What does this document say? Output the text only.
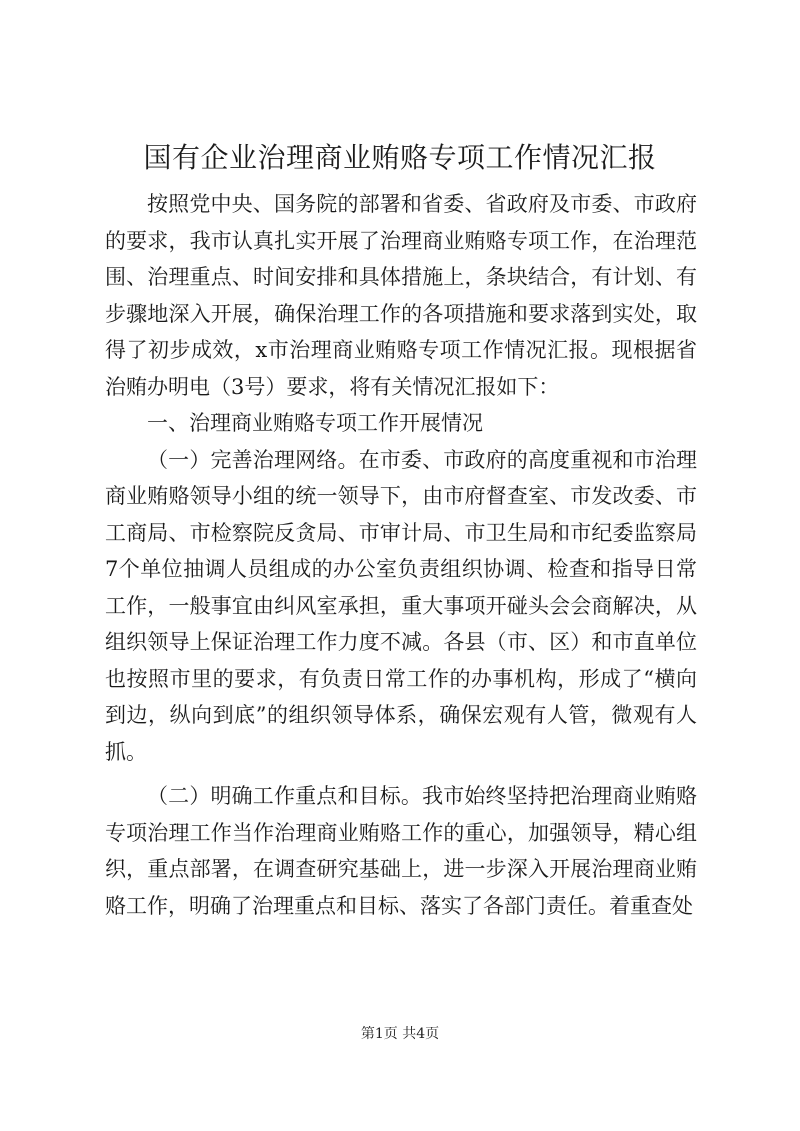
国有企业治理商业贿赂专项工作情况汇报

按照党中央、国务院的部署和省委、省政府及市委、市政府的要求，我市认真扎实开展了治理商业贿赂专项工作，在治理范围、治理重点、时间安排和具体措施上，条块结合，有计划、有步骤地深入开展，确保治理工作的各项措施和要求落到实处，取得了初步成效，x市治理商业贿赂专项工作情况汇报。现根据省治贿办明电（3号）要求，将有关情况汇报如下：

一、治理商业贿赂专项工作开展情况

（一）完善治理网络。在市委、市政府的高度重视和市治理商业贿赂领导小组的统一领导下，由市府督查室、市发改委、市工商局、市检察院反贪局、市审计局、市卫生局和市纪委监察局7个单位抽调人员组成的办公室负责组织协调、检查和指导日常工作，一般事宜由纠风室承担，重大事项开碰头会会商解决，从组织领导上保证治理工作力度不减。各县（市、区）和市直单位也按照市里的要求，有负责日常工作的办事机构，形成了“横向到边，纵向到底”的组织领导体系，确保宏观有人管，微观有人抓。

（二）明确工作重点和目标。我市始终坚持把治理商业贿赂专项治理工作当作治理商业贿赂工作的重心，加强领导，精心组织，重点部署，在调查研究基础上，进一步深入开展治理商业贿赂工作，明确了治理重点和目标、落实了各部门责任。着重查处

第1页 共4页
